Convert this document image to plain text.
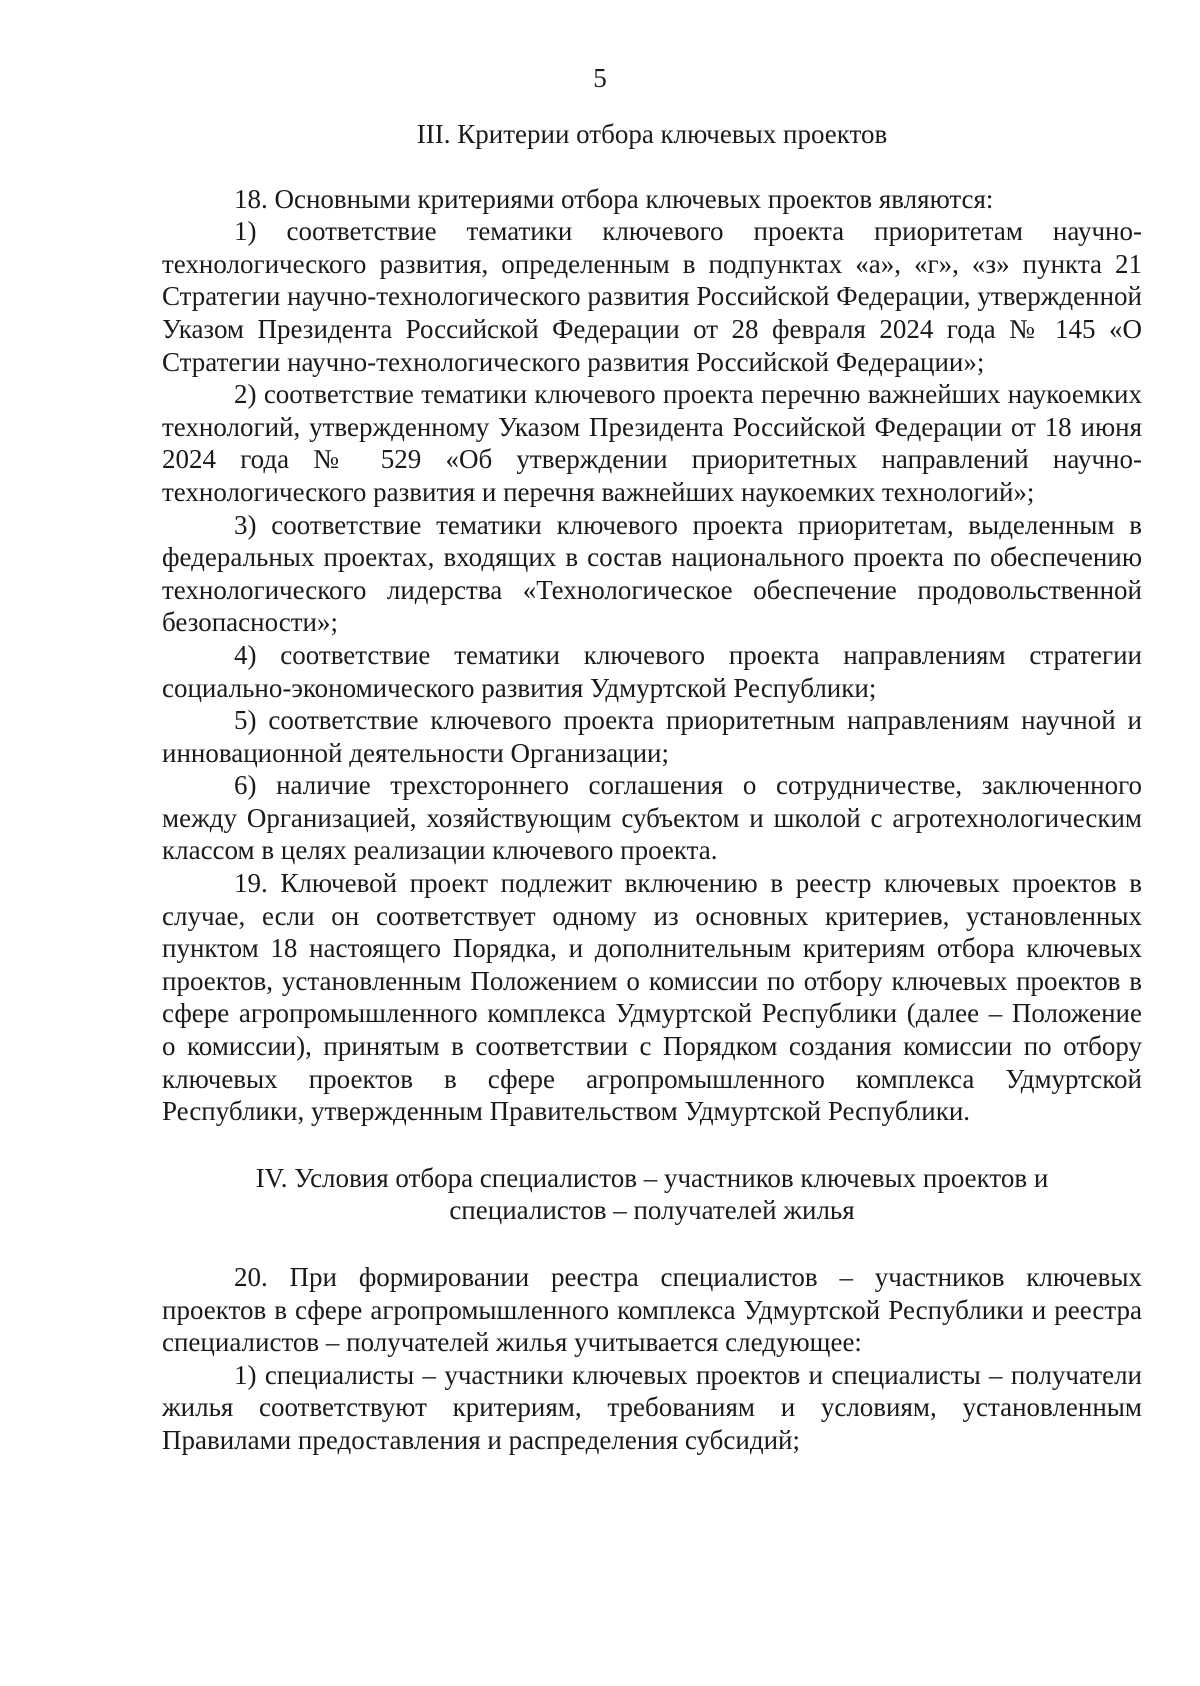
5

III. Критерии отбора ключевых проектов

18. Основными критериями отбора ключевых проектов являются:

1) соответствие тематики ключевого проекта приоритетам научно-технологического развития, определенным в подпунктах «а», «г», «з» пункта 21 Стратегии научно-технологического развития Российской Федерации, утвержденной Указом Президента Российской Федерации от 28 февраля 2024 года № 145 «О Стратегии научно-технологического развития Российской Федерации»;

2) соответствие тематики ключевого проекта перечню важнейших наукоемких технологий, утвержденному Указом Президента Российской Федерации от 18 июня 2024 года № 529 «Об утверждении приоритетных направлений научно-технологического развития и перечня важнейших наукоемких технологий»;

3) соответствие тематики ключевого проекта приоритетам, выделенным в федеральных проектах, входящих в состав национального проекта по обеспечению технологического лидерства «Технологическое обеспечение продовольственной безопасности»;

4) соответствие тематики ключевого проекта направлениям стратегии социально-экономического развития Удмуртской Республики;

5) соответствие ключевого проекта приоритетным направлениям научной и инновационной деятельности Организации;

6) наличие трехстороннего соглашения о сотрудничестве, заключенного между Организацией, хозяйствующим субъектом и школой с агротехнологическим классом в целях реализации ключевого проекта.

19. Ключевой проект подлежит включению в реестр ключевых проектов в случае, если он соответствует одному из основных критериев, установленных пунктом 18 настоящего Порядка, и дополнительным критериям отбора ключевых проектов, установленным Положением о комиссии по отбору ключевых проектов в сфере агропромышленного комплекса Удмуртской Республики (далее – Положение о комиссии), принятым в соответствии с Порядком создания комиссии по отбору ключевых проектов в сфере агропромышленного комплекса Удмуртской Республики, утвержденным Правительством Удмуртской Республики.

IV. Условия отбора специалистов – участников ключевых проектов и
специалистов – получателей жилья

20. При формировании реестра специалистов – участников ключевых проектов в сфере агропромышленного комплекса Удмуртской Республики и реестра специалистов – получателей жилья учитывается следующее:

1) специалисты – участники ключевых проектов и специалисты – получатели жилья соответствуют критериям, требованиям и условиям, установленным Правилами предоставления и распределения субсидий;
